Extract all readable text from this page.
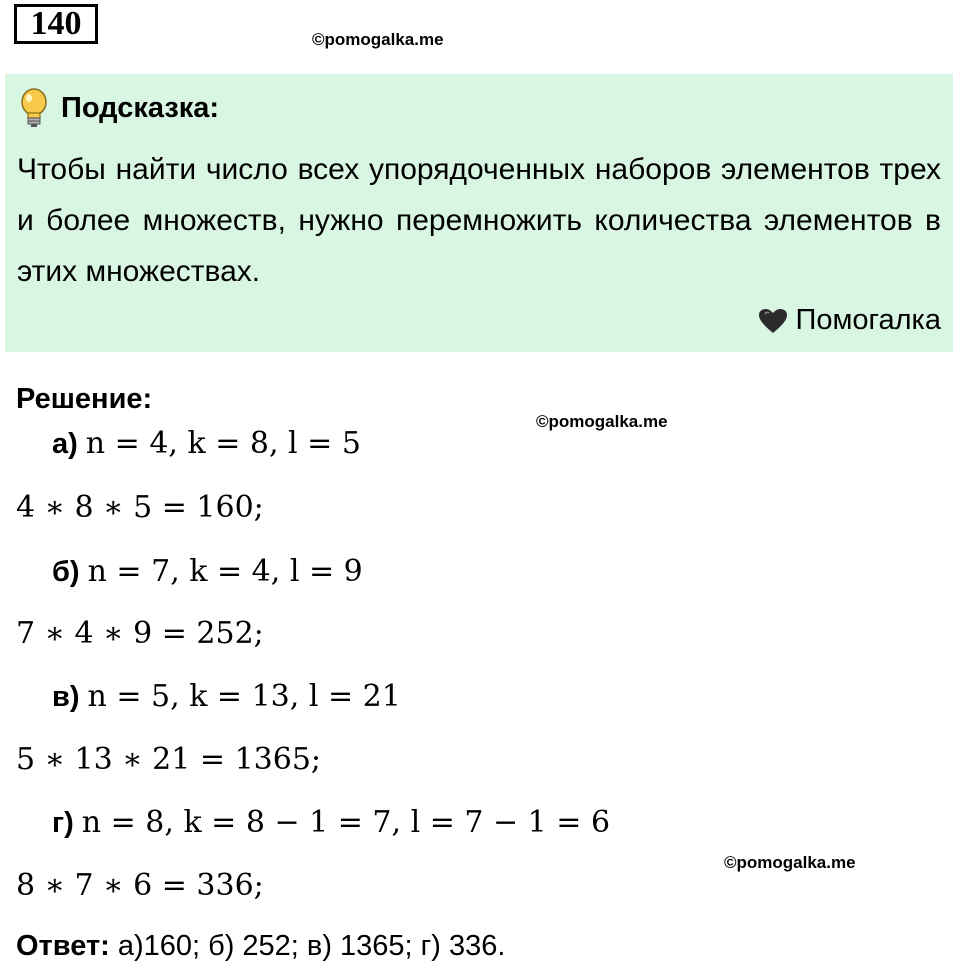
140	©pomogalka.me
Подсказка:
Чтобы найти число всех упорядоченных наборов элементов трех и более множеств, нужно перемножить количества элементов в этих множествах.
Помогалка
Решение:
©pomogalka.me
а) n = 4, k = 8, l = 5
4 ∗ 8 ∗ 5 = 160;
б) n = 7, k = 4, l = 9
7 ∗ 4 ∗ 9 = 252;
в) n = 5, k = 13, l = 21
5 ∗ 13 ∗ 21 = 1365;
г) n = 8, k = 8 − 1 = 7, l = 7 − 1 = 6
©pomogalka.me
8 ∗ 7 ∗ 6 = 336;
Ответ: а)160; б) 252; в) 1365; г) 336.
